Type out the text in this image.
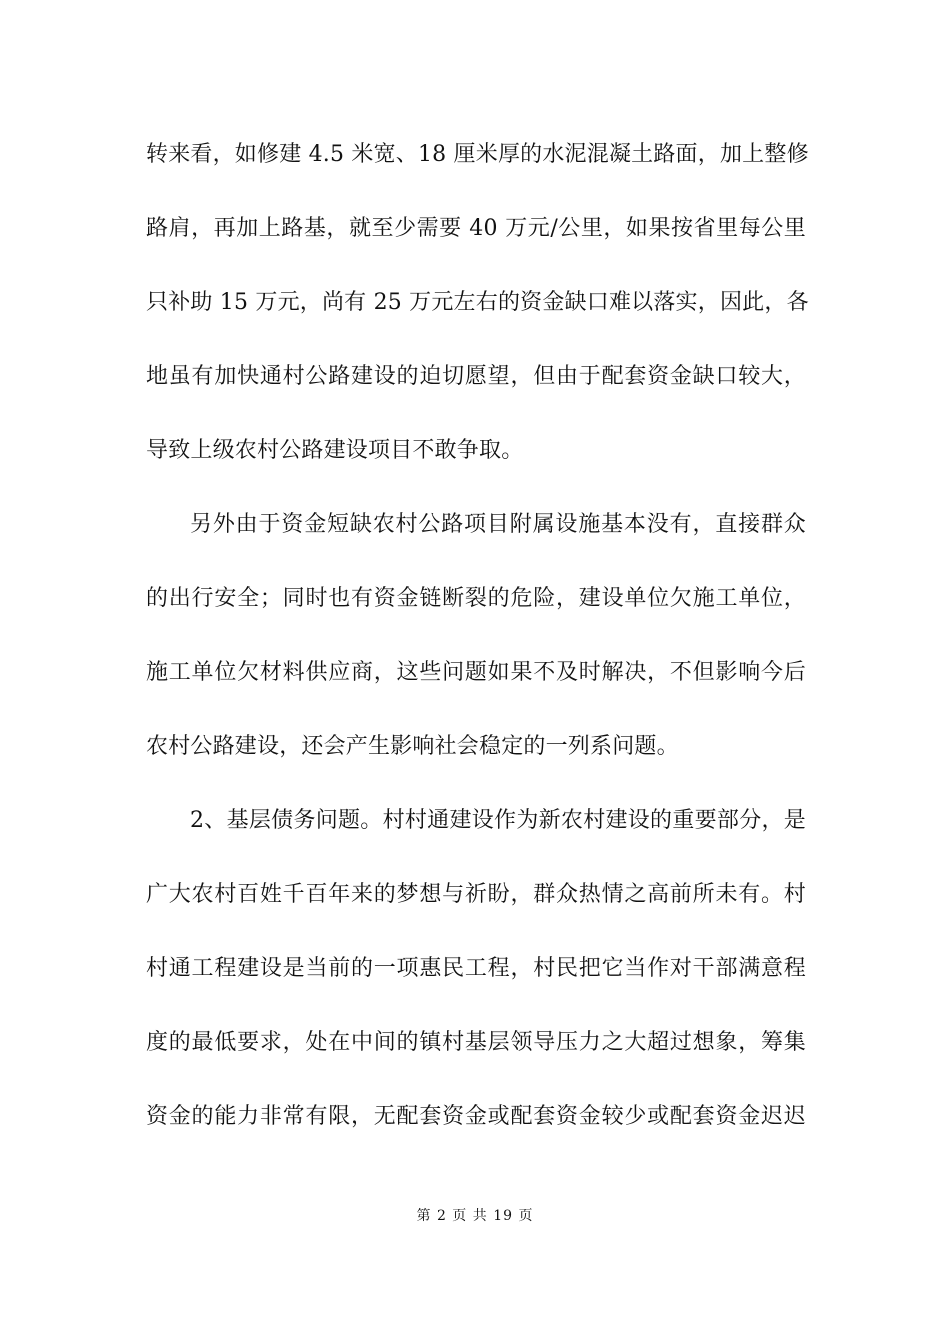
转来看，如修建 4.5 米宽、18 厘米厚的水泥混凝土路面，加上整修
路肩，再加上路基，就至少需要 40 万元/公里，如果按省里每公里
只补助 15 万元，尚有 25 万元左右的资金缺口难以落实，因此，各
地虽有加快通村公路建设的迫切愿望，但由于配套资金缺口较大，
导致上级农村公路建设项目不敢争取。
另外由于资金短缺农村公路项目附属设施基本没有，直接群众
的出行安全；同时也有资金链断裂的危险，建设单位欠施工单位，
施工单位欠材料供应商，这些问题如果不及时解决，不但影响今后
农村公路建设，还会产生影响社会稳定的一列系问题。
2、基层债务问题。村村通建设作为新农村建设的重要部分，是
广大农村百姓千百年来的梦想与祈盼，群众热情之高前所未有。村
村通工程建设是当前的一项惠民工程，村民把它当作对干部满意程
度的最低要求，处在中间的镇村基层领导压力之大超过想象，筹集
资金的能力非常有限，无配套资金或配套资金较少或配套资金迟迟
第 2 页 共 19 页
